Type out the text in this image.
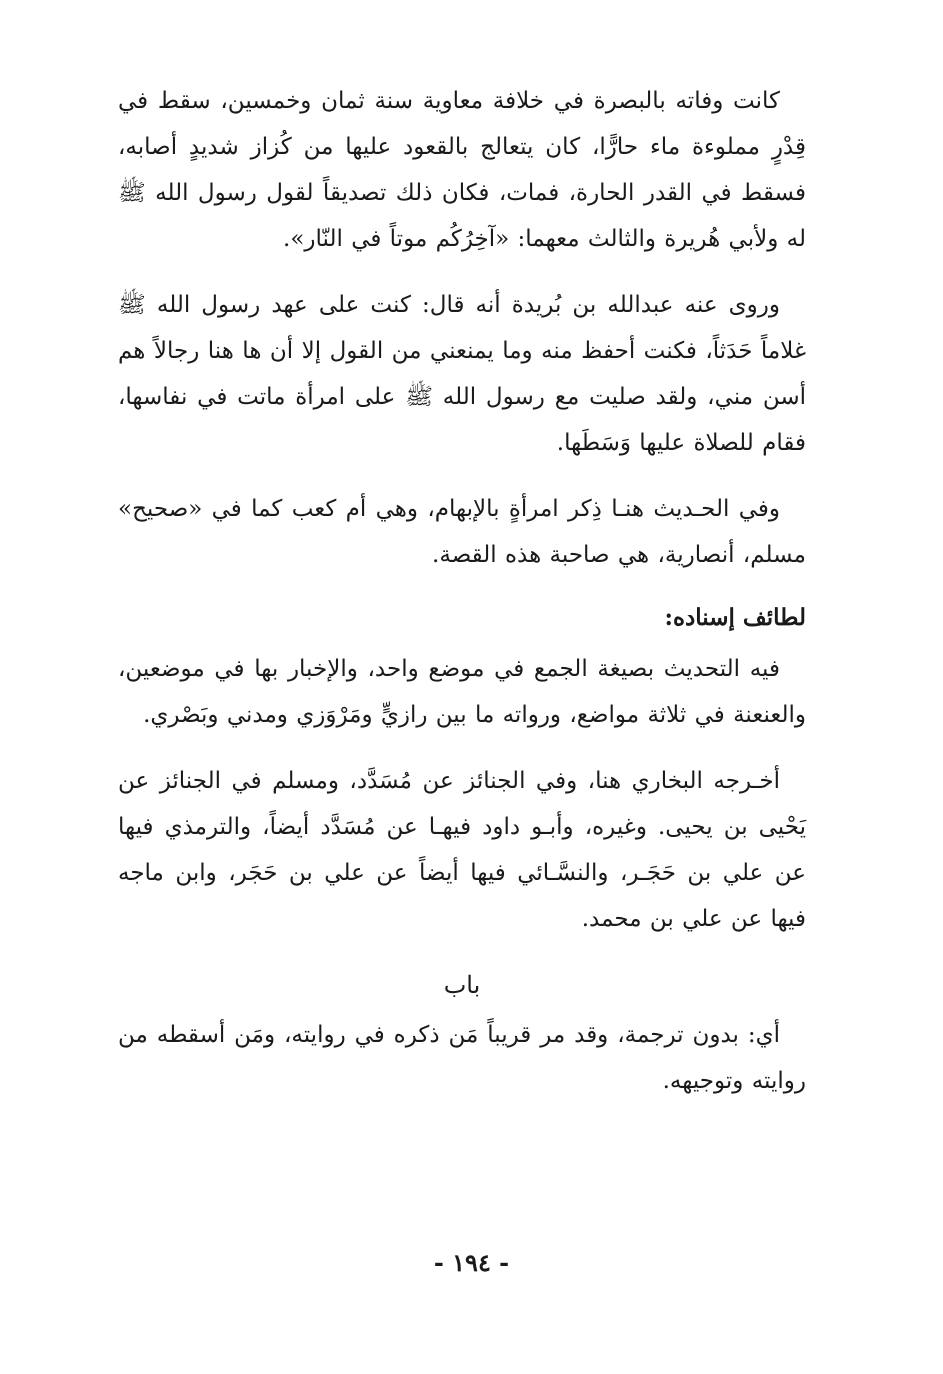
كانت وفاته بالبصرة في خلافة معاوية سنة ثمان وخمسين، سقط في قِدْرٍ مملوءة ماء حارًّا، كان يتعالج بالقعود عليها من كُزاز شديدٍ أصابه، فسقط في القدر الحارة، فمات، فكان ذلك تصديقاً لقول رسول الله ﷺ له ولأبي هُريرة والثالث معهما: «آخِرُكُم موتاً في النّار».

وروى عنه عبدالله بن بُريدة أنه قال: كنت على عهد رسول الله ﷺ غلاماً حَدَثاً، فكنت أحفظ منه وما يمنعني من القول إلا أن ها هنا رجالاً هم أسن مني، ولقد صليت مع رسول الله ﷺ على امرأة ماتت في نفاسها، فقام للصلاة عليها وَسَطَها.

وفي الحـديث هنـا ذِكر امرأةٍ بالإبهام، وهي أم كعب كما في «صحيح» مسلم، أنصارية، هي صاحبة هذه القصة.

لطائف إسناده:

فيه التحديث بصيغة الجمع في موضع واحد، والإخبار بها في موضعين، والعنعنة في ثلاثة مواضع، ورواته ما بين رازيٍّ ومَرْوَزي ومدني وبَصْري.

أخـرجه البخاري هنا، وفي الجنائز عن مُسَدَّد، ومسلم في الجنائز عن يَحْيى بن يحيى. وغيره، وأبـو داود فيهـا عن مُسَدَّد أيضاً، والترمذي فيها عن علي بن حَجَـر، والنسَّـائي فيها أيضاً عن علي بن حَجَر، وابن ماجه فيها عن علي بن محمد.

باب

أي: بدون ترجمة، وقد مر قريباً مَن ذكره في روايته، ومَن أسقطه من روايته وتوجيهه.

- ١٩٤ -
